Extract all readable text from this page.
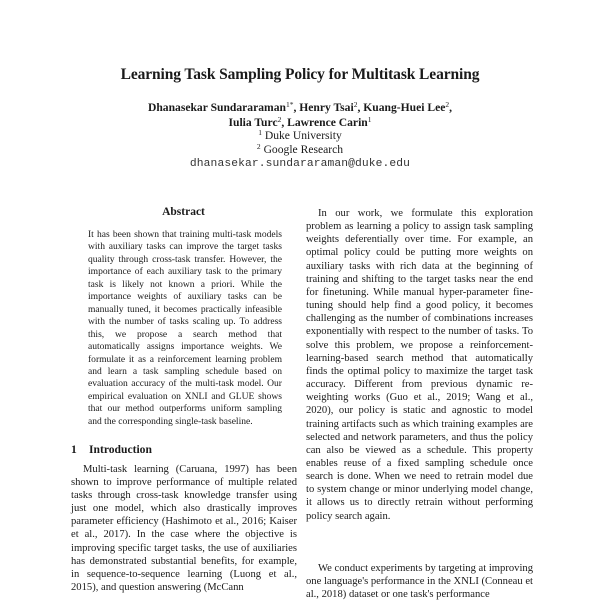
Learning Task Sampling Policy for Multitask Learning
Dhanasekar Sundararaman$^{1*}$, Henry Tsai$^2$, Kuang-Huei Lee$^2$,
Iulia Turc$^2$, Lawrence Carin$^1$
$^1$ Duke University
$^2$ Google Research
dhanasekar.sundararaman@duke.edu
Abstract
It has been shown that training multi-task models with auxiliary tasks can improve the target tasks quality through cross-task transfer. However, the importance of each auxiliary task to the primary task is likely not known a priori. While the importance weights of auxiliary tasks can be manually tuned, it becomes practically infeasible with the number of tasks scaling up. To address this, we propose a search method that automatically assigns importance weights. We formulate it as a reinforcement learning problem and learn a task sampling schedule based on evaluation accuracy of the multi-task model. Our empirical evaluation on XNLI and GLUE shows that our method outperforms uniform sampling and the corresponding single-task baseline.
1 Introduction

Multi-task learning (Caruana, 1997) has been shown to improve performance of multiple related tasks through cross-task knowledge transfer using just one model, which also drastically improves parameter efficiency (Hashimoto et al., 2016; Kaiser et al., 2017). In the case where the objective is improving specific target tasks, the use of auxiliaries has demonstrated substantial benefits, for example, in sequence-to-sequence learning (Luong et al., 2015), and question answering (McCann

In our work, we formulate this exploration problem as learning a policy to assign task sampling weights deferentially over time. For example, an optimal policy could be putting more weights on auxiliary tasks with rich data at the beginning of training and shifting to the target tasks near the end for finetuning. While manual hyper-parameter fine-tuning should help find a good policy, it becomes challenging as the number of combinations increases exponentially with respect to the number of tasks. To solve this problem, we propose a reinforcement-learning-based search method that automatically finds the optimal policy to maximize the target task accuracy. Different from previous dynamic re-weighting works (Guo et al., 2019; Wang et al., 2020), our policy is static and agnostic to model training artifacts such as which training examples are selected and network parameters, and thus the policy can also be viewed as a schedule. This property enables reuse of a fixed sampling schedule once search is done. When we need to retrain model due to system change or minor underlying model change, it allows us to directly retrain without performing policy search again.

We conduct experiments by targeting at improving one language's performance in the XNLI (Conneau et al., 2018) dataset or one task's performance
